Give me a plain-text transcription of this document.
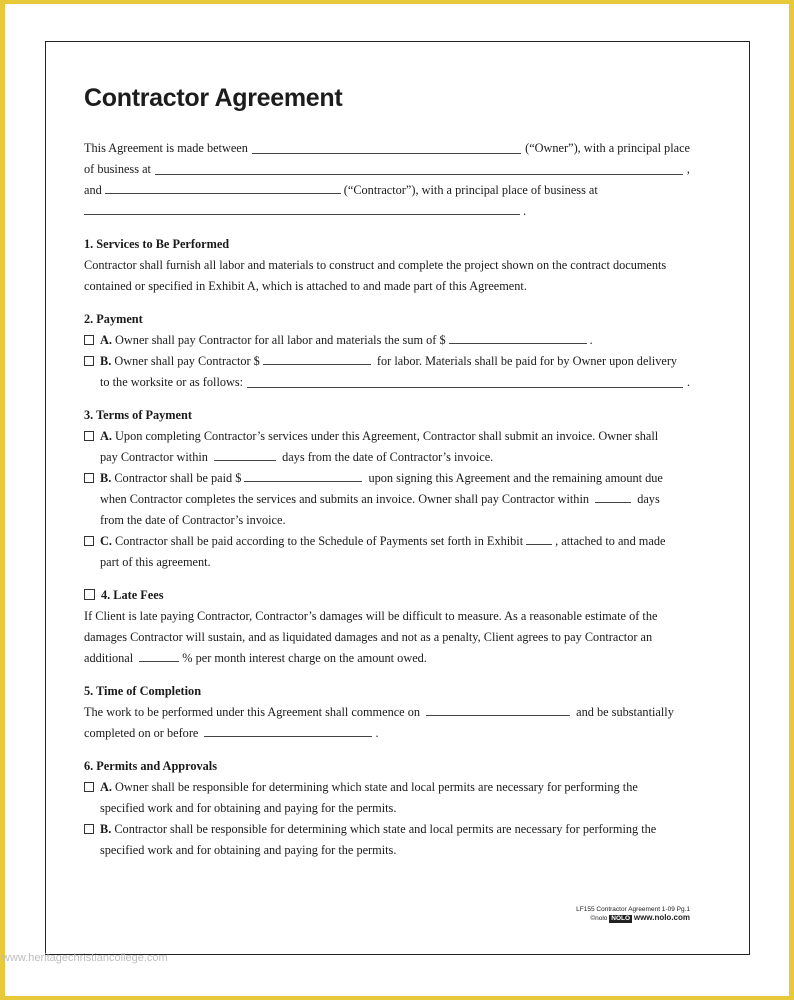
Contractor Agreement
This Agreement is made between	(“Owner”), with a principal place
of business at	,
and	(“Contractor”), with a principal place of business at
.
1. Services to Be Performed
Contractor shall furnish all labor and materials to construct and complete the project shown on the contract documents contained or specified in Exhibit A, which is attached to and made part of this Agreement.
2. Payment
A. Owner shall pay Contractor for all labor and materials the sum of $	.
B. Owner shall pay Contractor $	for labor. Materials shall be paid for by Owner upon delivery
to the worksite or as follows:	.
3. Terms of Payment
A. Upon completing Contractor’s services under this Agreement, Contractor shall submit an invoice. Owner shall
pay Contractor within	days from the date of Contractor’s invoice.
B. Contractor shall be paid $	upon signing this Agreement and the remaining amount due
when Contractor completes the services and submits an invoice. Owner shall pay Contractor within	days
from the date of Contractor’s invoice.
C. Contractor shall be paid according to the Schedule of Payments set forth in Exhibit	, attached to and made
part of this agreement.
4. Late Fees
If Client is late paying Contractor, Contractor’s damages will be difficult to measure. As a reasonable estimate of the
damages Contractor will sustain, and as liquidated damages and not as a penalty, Client agrees to pay Contractor an
additional	% per month interest charge on the amount owed.
5. Time of Completion
The work to be performed under this Agreement shall commence on	and be substantially
completed on or before	.
6. Permits and Approvals
A. Owner shall be responsible for determining which state and local permits are necessary for performing the specified work and for obtaining and paying for the permits.
B. Contractor shall be responsible for determining which state and local permits are necessary for performing the specified work and for obtaining and paying for the permits.
LF155 Contractor Agreement 1-09 Pg.1
©nolo NOLO www.nolo.com
www.heritagechristiancollege.com
